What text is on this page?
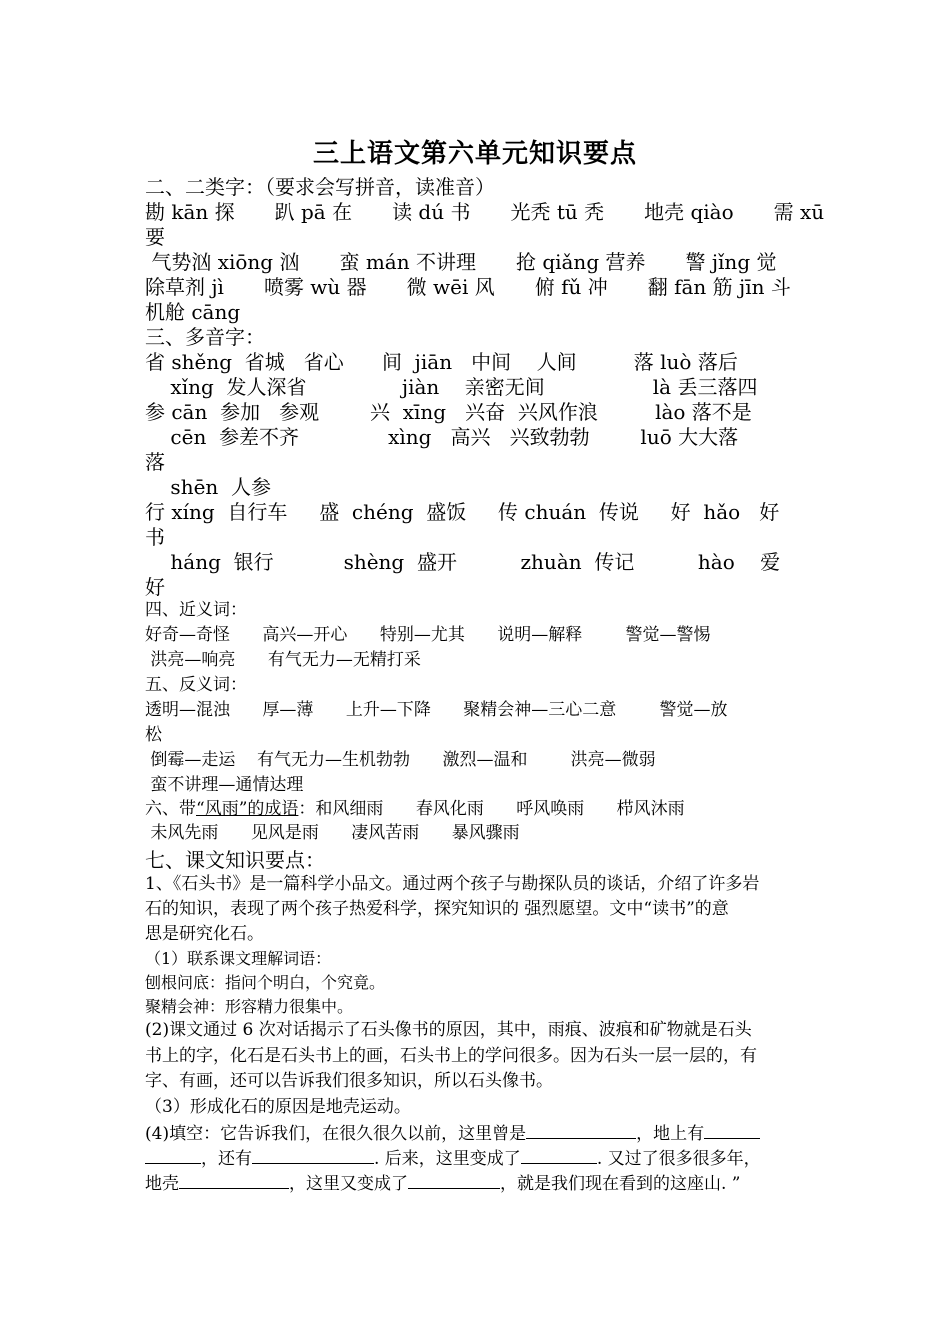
三上语文第六单元知识要点
二、二类字：（要求会写拼音，读准音）
勘 kān 探　　趴 pā 在　　读 dú 书　　光秃 tū 秃　　地壳 qiào　　需 xū
要
气势汹 xiōng 汹　　蛮 mán 不讲理　　抢 qiǎng 营养　　警 jǐng 觉
除草剂 jì　　喷雾 wù 器　　微 wēi 风　　俯 fǔ 冲　　翻 fān 筋 jīn 斗
机舱 cāng
三、多音字：
省 shěng  省城   省心      间  jiān   中间    人间         落 luò 落后
xǐng  发人深省               jiàn    亲密无间                 là 丢三落四
参 cān  参加   参观        兴  xīng   兴奋  兴风作浪         lào 落不是
cēn  参差不齐              xìng   高兴   兴致勃勃        luō 大大落
落
shēn  人参
行 xíng  自行车     盛  chéng  盛饭     传 chuán  传说     好  hǎo   好
书
háng  银行           shèng  盛开          zhuàn  传记          hào    爱
好
四、近义词：
好奇—奇怪      高兴—开心      特别—尤其      说明—解释        警觉—警惕
洪亮—响亮      有气无力—无精打采
五、反义词：
透明—混浊      厚—薄      上升—下降      聚精会神—三心二意        警觉—放
松
倒霉—走运    有气无力—生机勃勃      激烈—温和        洪亮—微弱
蛮不讲理—通情达理
六、带“风雨”的成语：和风细雨      春风化雨      呼风唤雨      栉风沐雨
未风先雨      见风是雨      凄风苦雨      暴风骤雨
七、课文知识要点：
1、《石头书》是一篇科学小品文。通过两个孩子与勘探队员的谈话，介绍了许多岩
石的知识，表现了两个孩子热爱科学，探究知识的 强烈愿望。文中“读书”的意
思是研究化石。
（1）联系课文理解词语：
刨根问底：指问个明白，个究竟。
聚精会神：形容精力很集中。
(2)课文通过 6 次对话揭示了石头像书的原因，其中，雨痕、波痕和矿物就是石头
书上的字，化石是石头书上的画，石头书上的学问很多。因为石头一层一层的，有
字、有画，还可以告诉我们很多知识，所以石头像书。
（3）形成化石的原因是地壳运动。
(4)填空：它告诉我们，在很久很久以前，这里曾是	，地上有
，还有	. 后来，这里变成了	. 又过了很多很多年，
地壳	，这里又变成了	，就是我们现在看到的这座山. ”
